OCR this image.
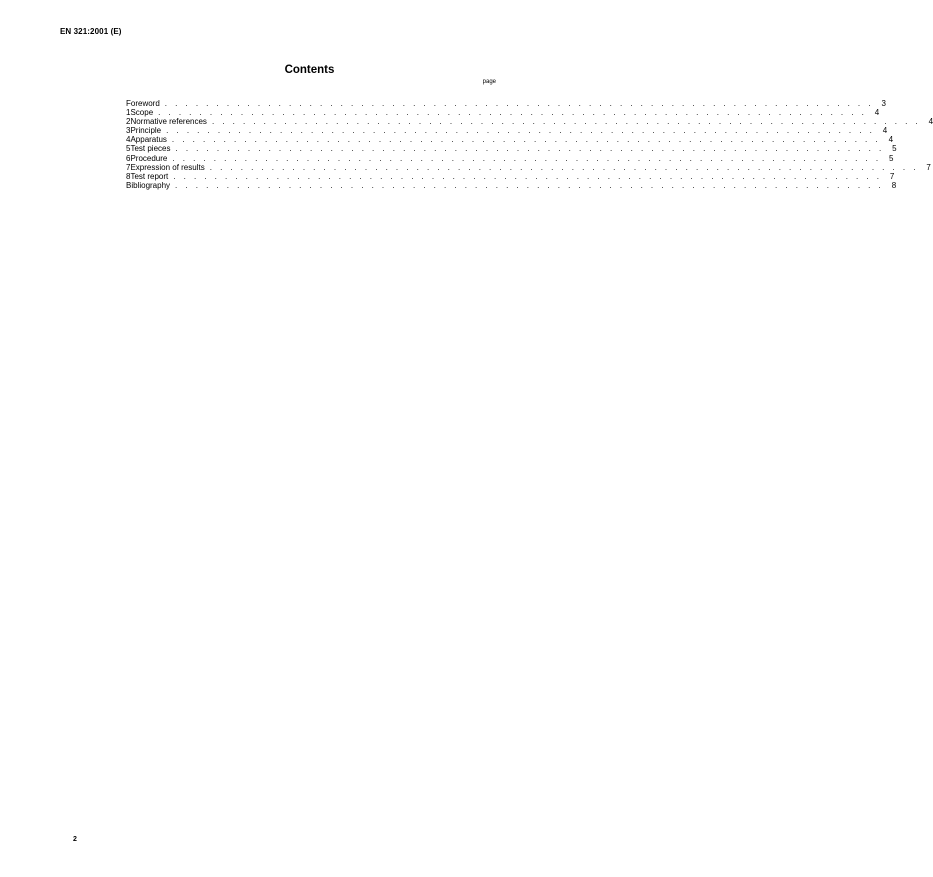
EN 321:2001 (E)
Contents
page
Foreword . . . . . . . . . . . . . . . . . . . . . . . . . . . . . . . . . . . . . . . . . . . . . . . . . . . . . . . . . . . . . . . . . . . . . 3
1 Scope . . . . . . . . . . . . . . . . . . . . . . . . . . . . . . . . . . . . . . . . . . . . . . . . . . . . . . . . . . . . . . . . . . . . . 4
2 Normative references . . . . . . . . . . . . . . . . . . . . . . . . . . . . . . . . . . . . . . . . . . . . . . . . . . . . . . . . . . . . . . . . . . . . . 4
3 Principle . . . . . . . . . . . . . . . . . . . . . . . . . . . . . . . . . . . . . . . . . . . . . . . . . . . . . . . . . . . . . . . . . . . . . 4
4 Apparatus . . . . . . . . . . . . . . . . . . . . . . . . . . . . . . . . . . . . . . . . . . . . . . . . . . . . . . . . . . . . . . . . . . . . . 4
5 Test pieces . . . . . . . . . . . . . . . . . . . . . . . . . . . . . . . . . . . . . . . . . . . . . . . . . . . . . . . . . . . . . . . . . . . . . 5
6 Procedure . . . . . . . . . . . . . . . . . . . . . . . . . . . . . . . . . . . . . . . . . . . . . . . . . . . . . . . . . . . . . . . . . . . . . 5
7 Expression of results . . . . . . . . . . . . . . . . . . . . . . . . . . . . . . . . . . . . . . . . . . . . . . . . . . . . . . . . . . . . . . . . . . . . . 7
8 Test report . . . . . . . . . . . . . . . . . . . . . . . . . . . . . . . . . . . . . . . . . . . . . . . . . . . . . . . . . . . . . . . . . . . . . 7
Bibliography . . . . . . . . . . . . . . . . . . . . . . . . . . . . . . . . . . . . . . . . . . . . . . . . . . . . . . . . . . . . . . . . . . . . . 8
2
